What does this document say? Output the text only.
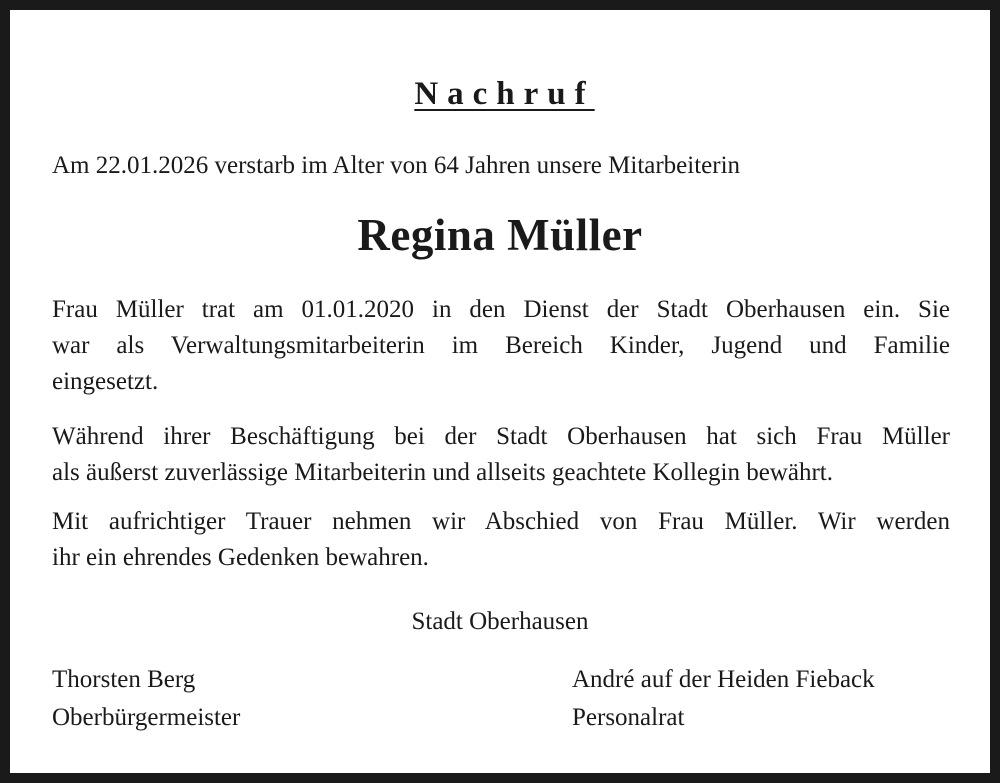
Nachruf
Am 22.01.2026 verstarb im Alter von 64 Jahren unsere Mitarbeiterin
Regina Müller
Frau Müller trat am 01.01.2020 in den Dienst der Stadt Oberhausen ein. Sie
war als Verwaltungsmitarbeiterin im Bereich Kinder, Jugend und Familie
eingesetzt.
Während ihrer Beschäftigung bei der Stadt Oberhausen hat sich Frau Müller
als äußerst zuverlässige Mitarbeiterin und allseits geachtete Kollegin bewährt.
Mit aufrichtiger Trauer nehmen wir Abschied von Frau Müller. Wir werden
ihr ein ehrendes Gedenken bewahren.
Stadt Oberhausen
Thorsten Berg
Oberbürgermeister
André auf der Heiden Fieback
Personalrat
